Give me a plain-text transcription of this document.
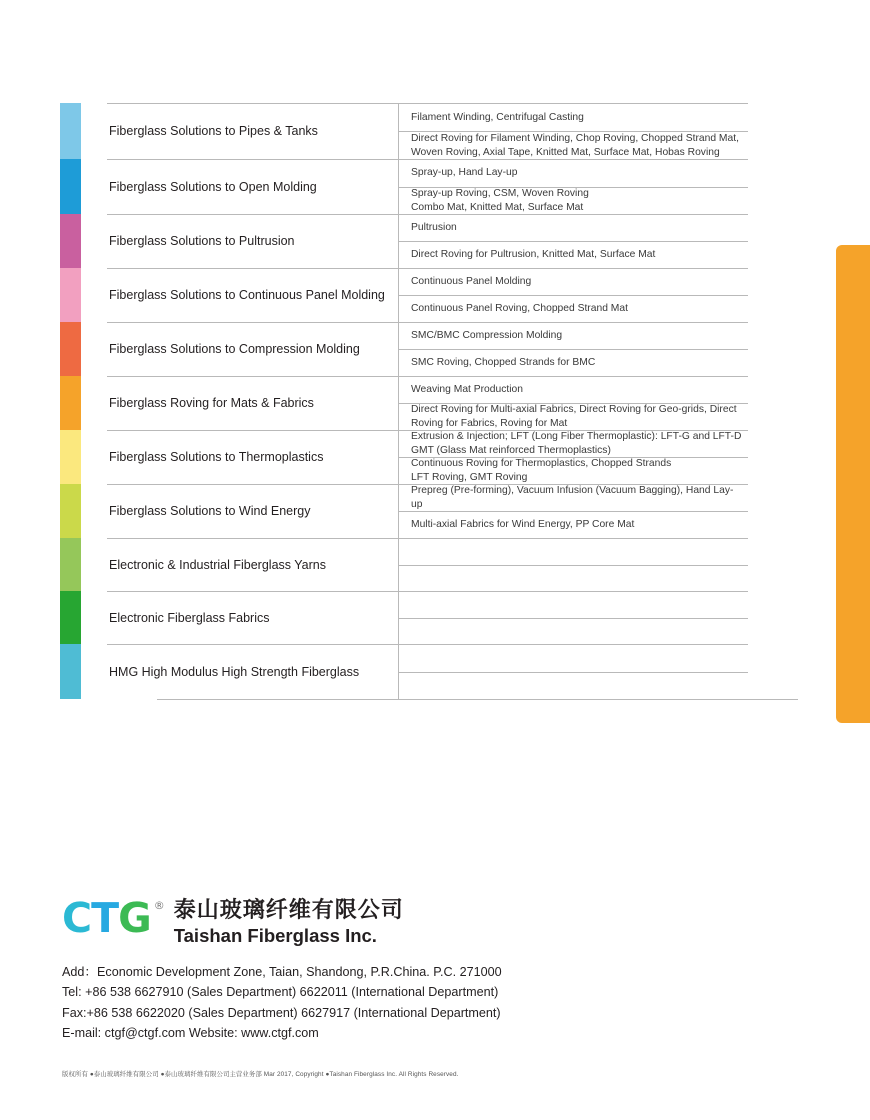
Fiberglass Solutions to Pipes & Tanks
Filament Winding, Centrifugal Casting
Direct Roving for Filament Winding, Chop Roving, Chopped Strand Mat, Woven Roving, Axial Tape, Knitted Mat, Surface Mat, Hobas Roving
Fiberglass Solutions to Open Molding
Spray-up, Hand Lay-up
Spray-up Roving, CSM, Woven Roving
Combo Mat, Knitted Mat, Surface Mat
Fiberglass Solutions to Pultrusion
Pultrusion
Direct Roving for Pultrusion, Knitted Mat, Surface Mat
Fiberglass Solutions to Continuous Panel Molding
Continuous Panel Molding
Continuous Panel Roving, Chopped Strand Mat
Fiberglass Solutions to Compression Molding
SMC/BMC Compression Molding
SMC Roving, Chopped Strands for BMC
Fiberglass Roving for Mats & Fabrics
Weaving Mat Production
Direct Roving for Multi-axial Fabrics, Direct Roving for Geo-grids, Direct Roving for Fabrics, Roving for Mat
Fiberglass Solutions to Thermoplastics
Extrusion & Injection; LFT (Long Fiber Thermoplastic): LFT-G and LFT-D GMT (Glass Mat reinforced Thermoplastics)
Continuous Roving for Thermoplastics, Chopped Strands
LFT Roving, GMT Roving
Fiberglass Solutions to Wind Energy
Prepreg (Pre-forming), Vacuum Infusion (Vacuum Bagging), Hand Lay-up
Multi-axial Fabrics for Wind Energy, PP Core Mat
Electronic & Industrial Fiberglass Yarns
Electronic Fiberglass Fabrics
HMG High Modulus High Strength Fiberglass
C T G ® 泰山玻璃纤维有限公司
Taishan Fiberglass Inc.
Add：Economic Development Zone, Taian, Shandong, P.R.China. P.C. 271000
Tel: +86 538 6627910 (Sales Department) 6622011 (International Department)
Fax:+86 538 6622020 (Sales Department) 6627917 (International Department)
E-mail: ctgf@ctgf.com Website: www.ctgf.com
版权所有 ●泰山玻璃纤维有限公司 ●泰山玻璃纤维有限公司主营业务部 Mar 2017, Copyright ●Taishan Fiberglass Inc. All Rights Reserved.
